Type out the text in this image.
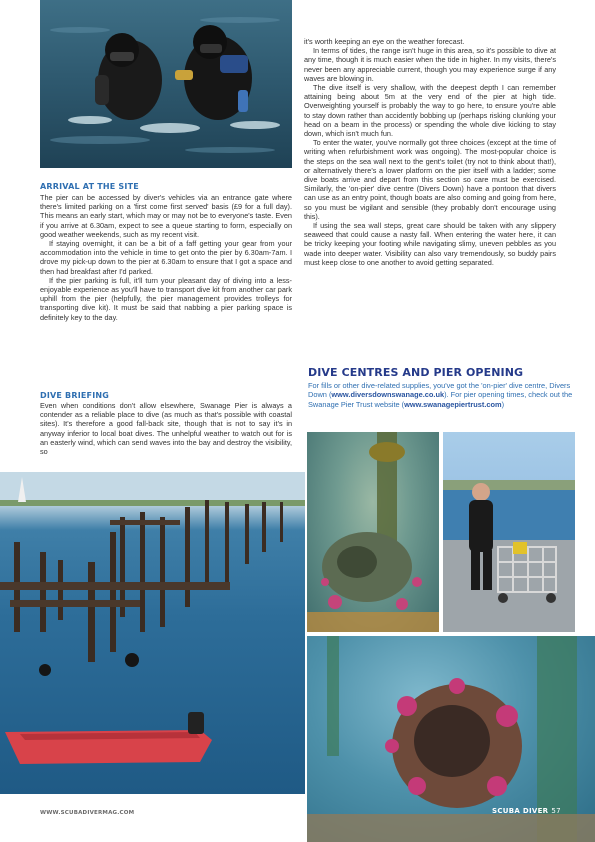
ARRIVAL AT THE SITE

The pier can be accessed by diver's vehicles via an entrance gate where there's limited parking on a 'first come first served' basis (£9 for a full day). This means an early start, which may or may not be to everyone's taste. Even if you arrive at 6.30am, expect to see a queue starting to form, especially on good weather weekends, such as my recent visit.

If staying overnight, it can be a bit of a faff getting your gear from your accommodation into the vehicle in time to get onto the pier by 6.30am-7am. I drove my pick-up down to the pier at 6.30am to ensure that I got a space and then had breakfast after I'd parked.

If the pier parking is full, it'll turn your pleasant day of diving into a less-enjoyable experience as you'll have to transport dive kit from another car park uphill from the pier (helpfully, the pier management provides trolleys for transporting dive kit). It must be said that nabbing a pier parking space is definitely key to the day.

DIVE BRIEFING

Even when conditions don't allow elsewhere, Swanage Pier is always a contender as a reliable place to dive (as much as that's possible with coastal sites). It's therefore a good fall-back site, though that is not to say it's in anyway inferior to local boat dives. The unhelpful weather to watch out for is an easterly wind, which can send waves into the bay and destroy the visibility, so

it's worth keeping an eye on the weather forecast.

In terms of tides, the range isn't huge in this area, so it's possible to dive at any time, though it is much easier when the tide in higher. In my visits, there's never been any appreciable current, though you may experience surge if any waves are blowing in.

The dive itself is very shallow, with the deepest depth I can remember attaining being about 5m at the very end of the pier at high tide. Overweighting yourself is probably the way to go here, to ensure you're able to stay down rather than accidently bobbing up (perhaps risking clunking your head on a beam in the process) or spending the whole dive kicking to stay down, which isn't much fun.

To enter the water, you've normally got three choices (except at the time of writing when refurbishment work was ongoing). The most-popular choice is the steps on the sea wall next to the gent's toilet (try not to think about that!), or alternatively there's a lower platform on the pier itself with a ladder; some dive boats arrive and depart from this section so care must be exercised. Similarly, the 'on-pier' dive centre (Divers Down) have a pontoon that divers can use as an entry point, though boats are also coming and going from here, so you must be vigilant and sensible (they probably don't encourage using this).

If using the sea wall steps, great care should be taken with any slippery seaweed that could cause a nasty fall. When entering the water here, it can be tricky keeping your footing while navigating slimy, uneven pebbles as you wade into deeper water. Visibility can also vary tremendously, so buddy pairs must keep close to one another to avoid getting separated.

DIVE CENTRES AND PIER OPENING
For fills or other dive-related supplies, you've got the 'on-pier' dive centre, Divers Down (www.diversdownswanage.co.uk). For pier opening times, check out the Swanage Pier Trust website (www.swanagepiertrust.com)
WWW.SCUBADIVERMAG.COM	SCUBA DIVER 57
